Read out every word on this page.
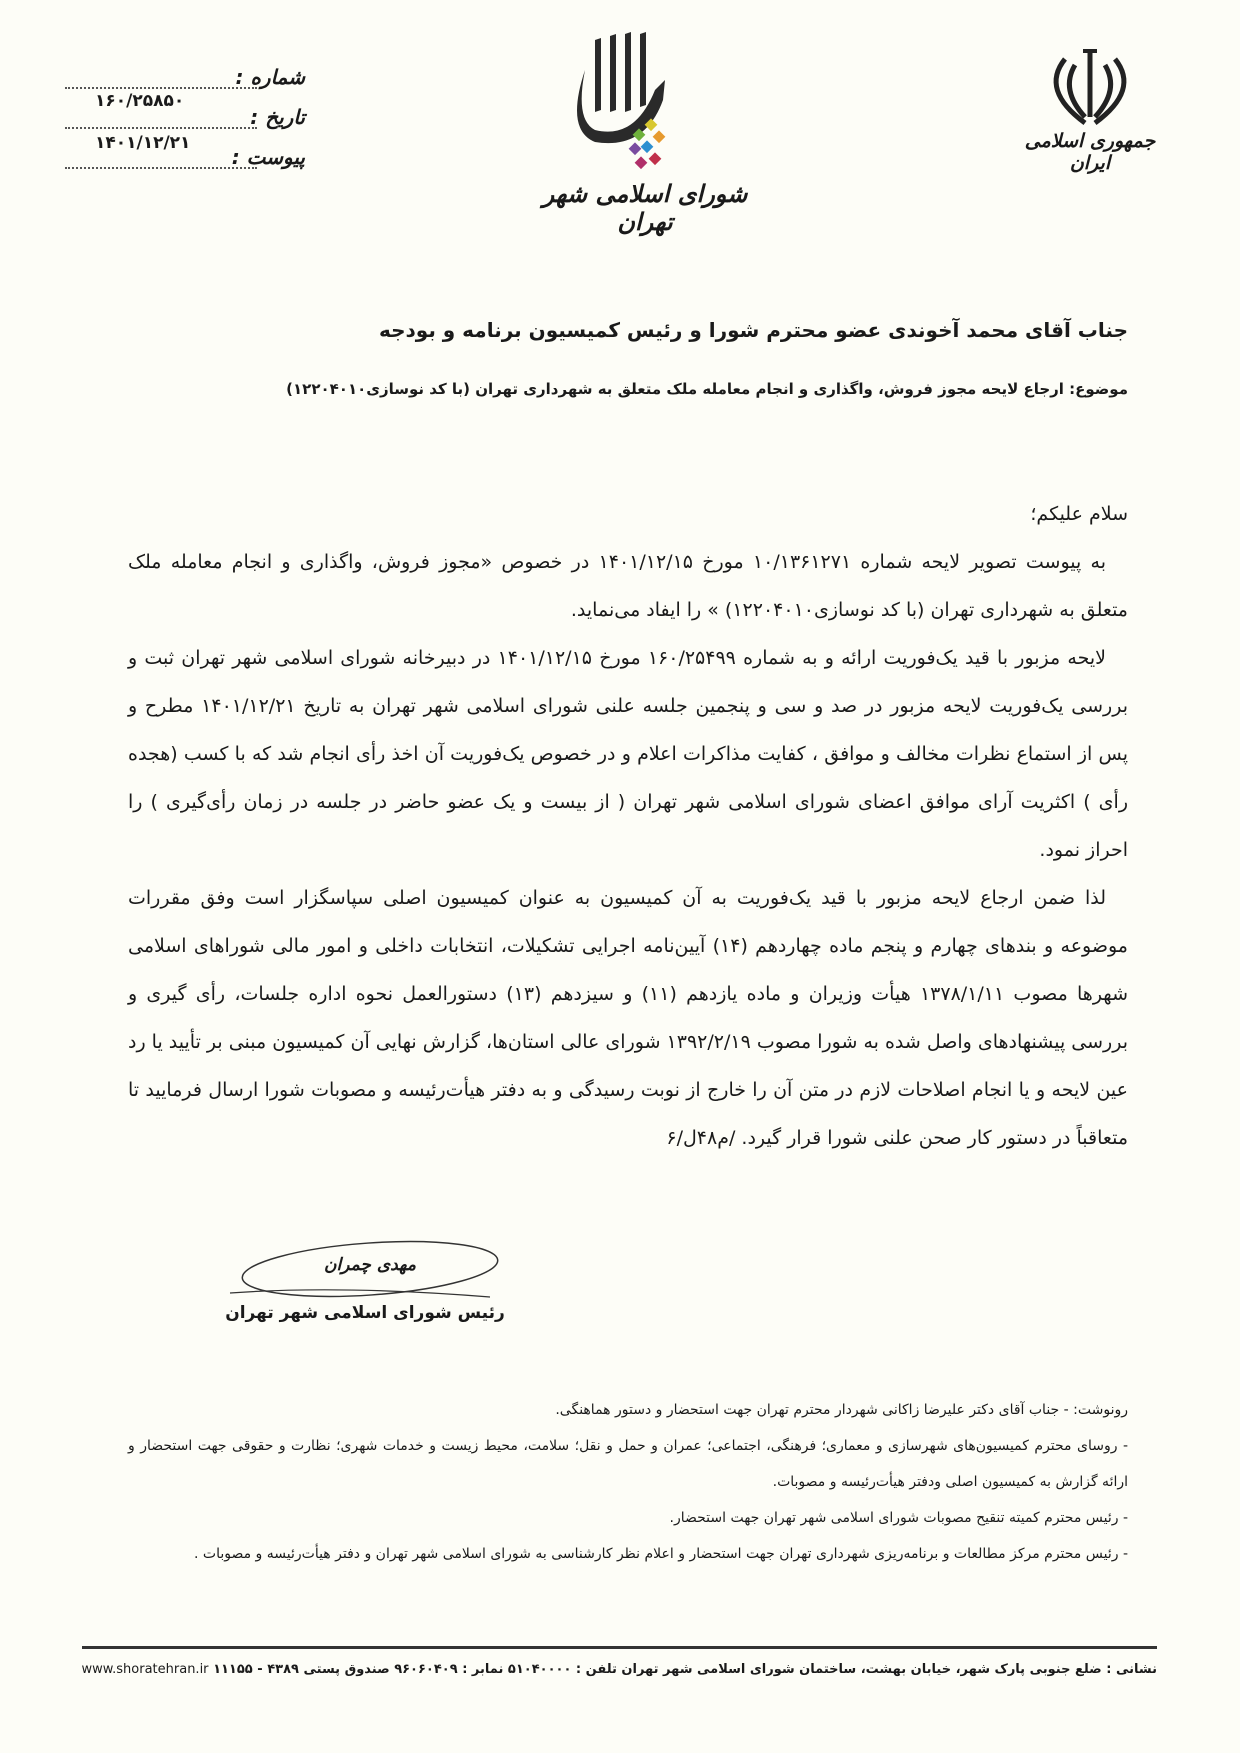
شماره :
۱۶۰/۲۵۸۵۰
تاریخ :
۱۴۰۱/۱۲/۲۱
پیوست :
شورای اسلامی شهر تهران
جمهوری اسلامی ایران
جناب آقای محمد آخوندی عضو محترم شورا و رئیس کمیسیون برنامه و بودجه
موضوع: ارجاع لایحه مجوز فروش، واگذاری و انجام معامله ملک متعلق به شهرداری تهران (با کد نوسازی۱۲۲۰۴۰۱۰)

سلام علیکم؛

به پیوست تصویر لایحه شماره ۱۰/۱۳۶۱۲۷۱ مورخ ۱۴۰۱/۱۲/۱۵ در خصوص «مجوز فروش، واگذاری و انجام معامله ملک متعلق به شهرداری تهران (با کد نوسازی۱۲۲۰۴۰۱۰) » را ایفاد می‌نماید.

لایحه مزبور با قید یک‌فوریت ارائه و به شماره ۱۶۰/۲۵۴۹۹ مورخ ۱۴۰۱/۱۲/۱۵ در دبیرخانه شورای اسلامی شهر تهران ثبت و بررسی یک‌فوریت لایحه مزبور در صد و سی و پنجمین جلسه علنی شورای اسلامی شهر تهران به تاریخ ۱۴۰۱/۱۲/۲۱ مطرح و پس از استماع نظرات مخالف و موافق ، کفایت مذاکرات اعلام و در خصوص یک‌فوریت آن اخذ رأی انجام شد که با کسب (هجده رأی ) اکثریت آرای موافق اعضای شورای اسلامی شهر تهران ( از بیست و یک عضو حاضر در جلسه در زمان رأی‌گیری ) را احراز نمود.

لذا ضمن ارجاع لایحه مزبور با قید یک‌فوریت به آن کمیسیون به عنوان کمیسیون اصلی سپاسگزار است وفق مقررات موضوعه و بندهای چهارم و پنجم ماده چهاردهم (۱۴) آیین‌نامه اجرایی تشکیلات، انتخابات داخلی و امور مالی شوراهای اسلامی شهرها مصوب ۱۳۷۸/۱/۱۱ هیأت وزیران و ماده یازدهم (۱۱) و سیزدهم (۱۳) دستورالعمل نحوه اداره جلسات، رأی گیری و بررسی پیشنهادهای واصل شده به شورا مصوب ۱۳۹۲/۲/۱۹ شورای عالی استان‌ها، گزارش نهایی آن کمیسیون مبنی بر تأیید یا رد عین لایحه و یا انجام اصلاحات لازم در متن آن را خارج از نوبت رسیدگی و به دفتر هیأت‌رئیسه و مصوبات شورا ارسال فرمایید تا متعاقباً در دستور کار صحن علنی شورا قرار گیرد. /م۴۸ل/۶

مهدی چمران
رئیس شورای اسلامی شهر تهران

رونوشت: - جناب آقای دکتر علیرضا زاکانی شهردار محترم تهران جهت استحضار و دستور هماهنگی.

- روسای محترم کمیسیون‌های شهرسازی و معماری؛ فرهنگی، اجتماعی؛ عمران و حمل و نقل؛ سلامت، محیط زیست و خدمات شهری؛ نظارت و حقوقی جهت استحضار و ارائه گزارش به کمیسیون اصلی ودفتر هیأت‌رئیسه و مصوبات.

- رئیس محترم کمیته تنقیح مصوبات شورای اسلامی شهر تهران جهت استحضار.

- رئیس محترم مرکز مطالعات و برنامه‌ریزی شهرداری تهران جهت استحضار و اعلام نظر کارشناسی به شورای اسلامی شهر تهران و دفتر هیأت‌رئیسه و مصوبات .

نشانی : ضلع جنوبی پارک شهر، خیابان بهشت، ساختمان شورای اسلامی شهر تهران تلفن : ۵۱۰۴۰۰۰۰ نمابر : ۹۶۰۶۰۴۰۹ صندوق پستی ۴۳۸۹ - ۱۱۱۵۵ www.shoratehran.ir
